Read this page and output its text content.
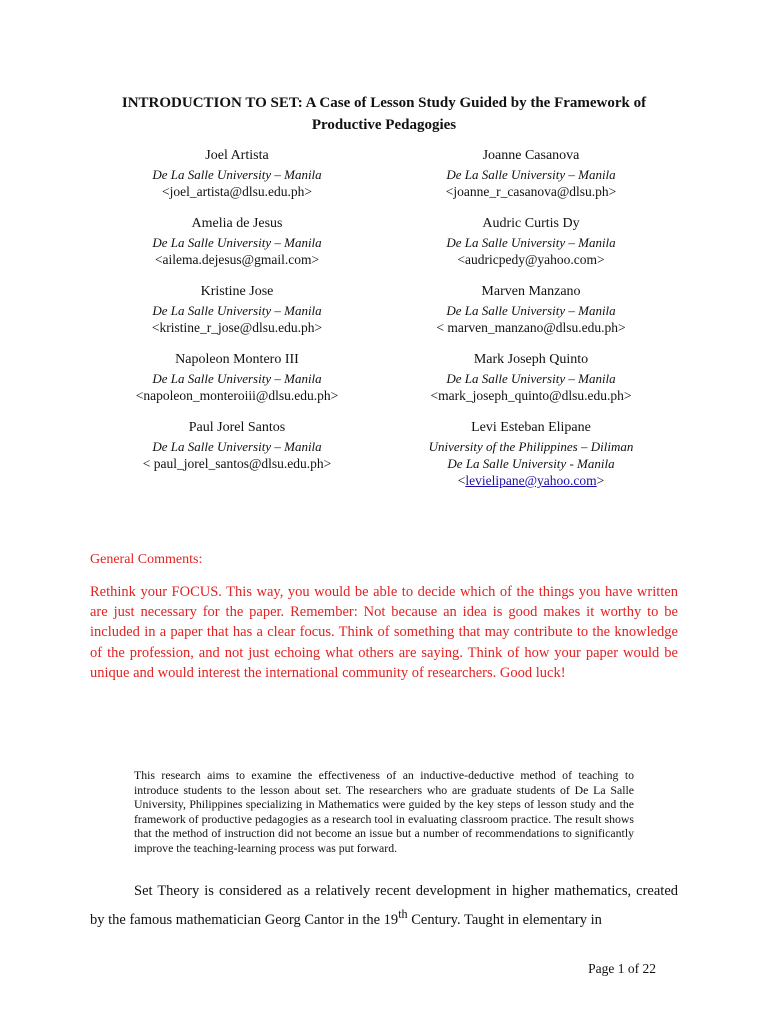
INTRODUCTION TO SET: A Case of Lesson Study Guided by the Framework of
Productive Pedagogies
Joel Artista
De La Salle University – Manila
<joel_artista@dlsu.edu.ph>
Joanne Casanova
De La Salle University – Manila
<joanne_r_casanova@dlsu.ph>
Amelia de Jesus
De La Salle University – Manila
<ailema.dejesus@gmail.com>
Audric Curtis Dy
De La Salle University – Manila
<audricpedy@yahoo.com>
Kristine Jose
De La Salle University – Manila
<kristine_r_jose@dlsu.edu.ph>
Marven Manzano
De La Salle University – Manila
< marven_manzano@dlsu.edu.ph>
Napoleon Montero III
De La Salle University – Manila
<napoleon_monteroiii@dlsu.edu.ph>
Mark Joseph Quinto
De La Salle University – Manila
<mark_joseph_quinto@dlsu.edu.ph>
Paul Jorel Santos
De La Salle University – Manila
< paul_jorel_santos@dlsu.edu.ph>
Levi Esteban Elipane
University of the Philippines – Diliman
De La Salle University - Manila
<levielipane@yahoo.com>
General Comments:
Rethink your FOCUS. This way, you would be able to decide which of the things you have written are just necessary for the paper. Remember: Not because an idea is good makes it worthy to be included in a paper that has a clear focus. Think of something that may contribute to the knowledge of the profession, and not just echoing what others are saying. Think of how your paper would be unique and would interest the international community of researchers. Good luck!
This research aims to examine the effectiveness of an inductive-deductive method of teaching to introduce students to the lesson about set. The researchers who are graduate students of De La Salle University, Philippines specializing in Mathematics were guided by the key steps of lesson study and the framework of productive pedagogies as a research tool in evaluating classroom practice. The result shows that the method of instruction did not become an issue but a number of recommendations to significantly improve the teaching-learning process was put forward.
Set Theory is considered as a relatively recent development in higher mathematics, created by the famous mathematician Georg Cantor in the 19th Century. Taught in elementary in
Page 1 of 22
